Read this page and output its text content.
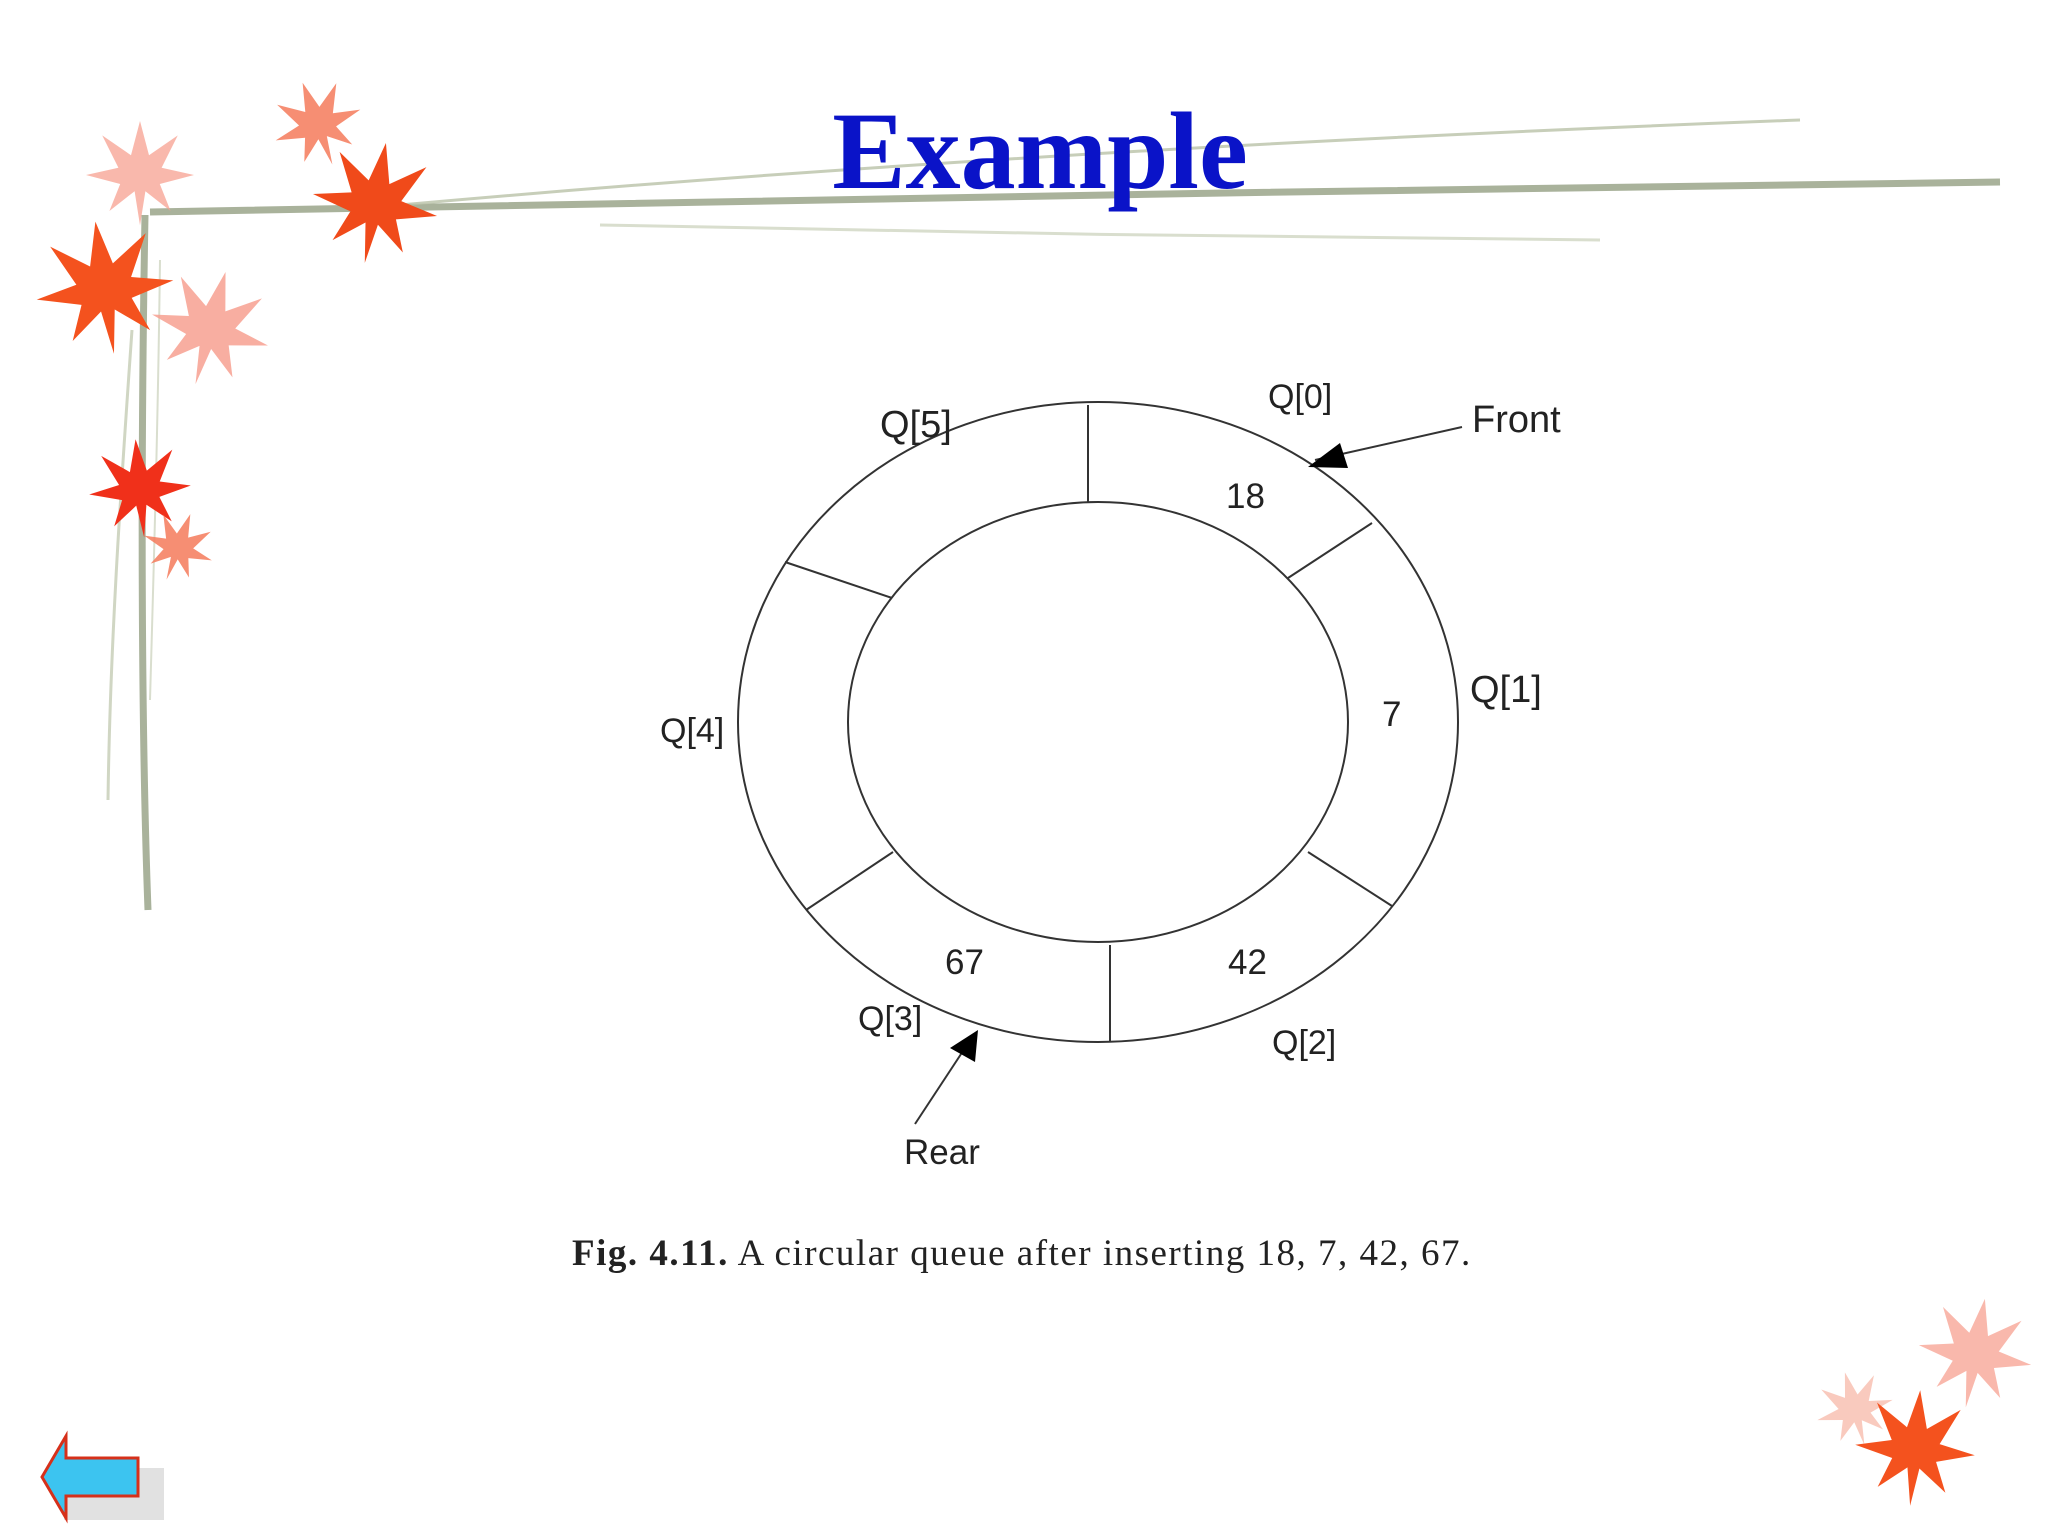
Example
Q[0]
Q[1]
Q[2]
Q[3]
Q[4]
Q[5]
18
7
42
67
Front
Rear
Fig. 4.11. A circular queue after inserting 18, 7, 42, 67.
